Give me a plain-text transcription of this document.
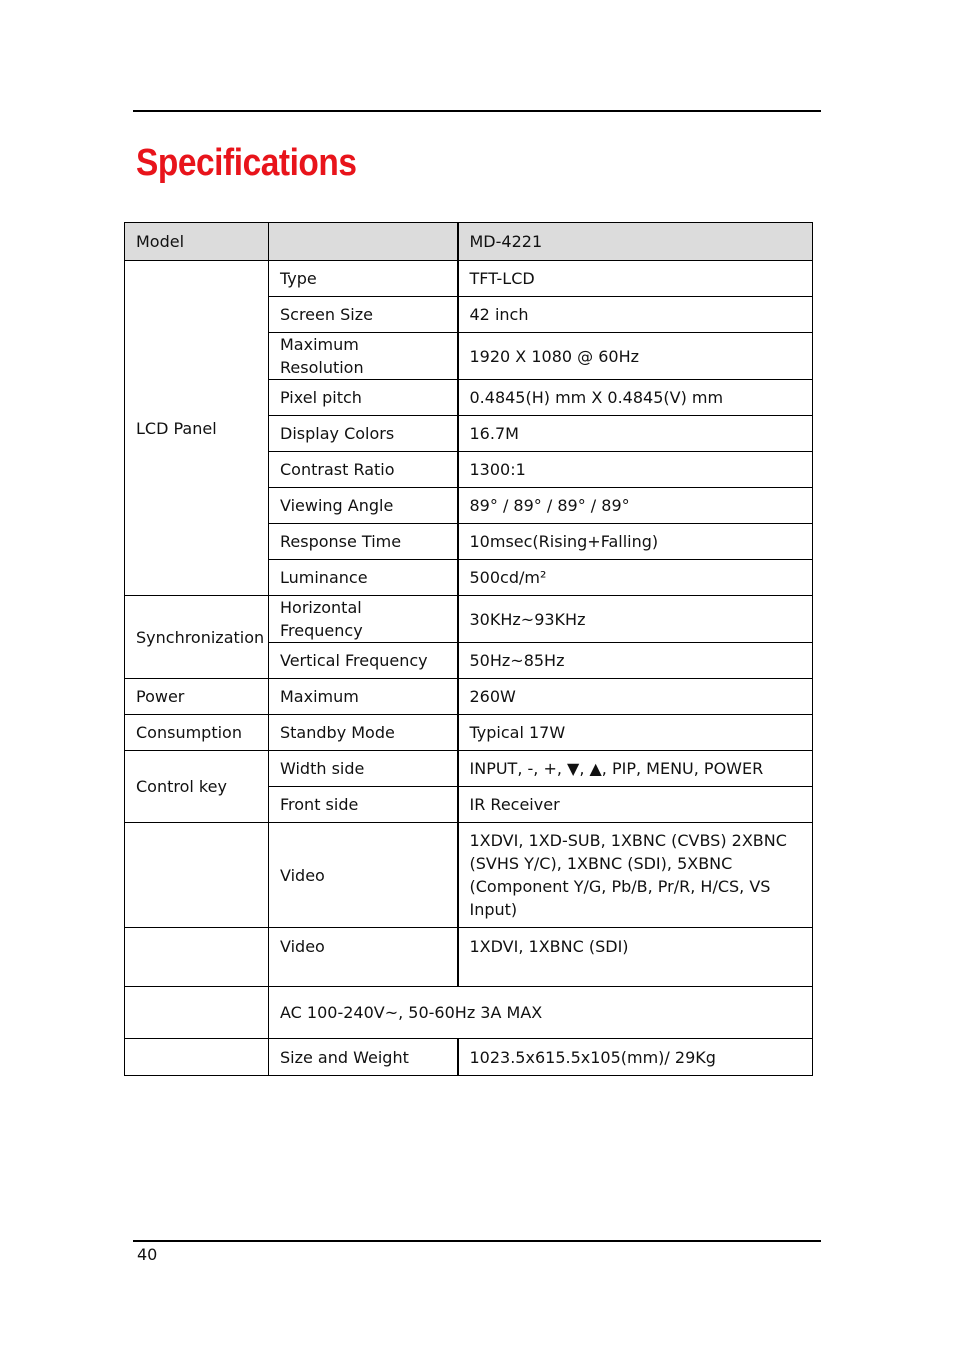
Specifications
Model		MD-4221
LCD Panel	Type	TFT-LCD
	Screen Size	42 inch
	Maximum Resolution	1920 X 1080 @ 60Hz
	Pixel pitch	0.4845(H) mm X 0.4845(V) mm
	Display Colors	16.7M
	Contrast Ratio	1300:1
	Viewing Angle	89° / 89° / 89° / 89°
	Response Time	10msec(Rising+Falling)
	Luminance	500cd/m²
Synchronization	Horizontal Frequency	30KHz~93KHz
	Vertical Frequency	50Hz~85Hz
Power	Maximum	260W
Consumption	Standby Mode	Typical 17W
Control key	Width side	INPUT, -, +, ▼, ▲, PIP, MENU, POWER
	Front side	IR Receiver
	Video	1XDVI, 1XD-SUB, 1XBNC (CVBS) 2XBNC (SVHS Y/C), 1XBNC (SDI), 5XBNC (Component Y/G, Pb/B, Pr/R, H/CS, VS Input)
	Video	1XDVI, 1XBNC (SDI)
	AC 100-240V~, 50-60Hz 3A MAX	
	Size and Weight	1023.5x615.5x105(mm)/ 29Kg
40
